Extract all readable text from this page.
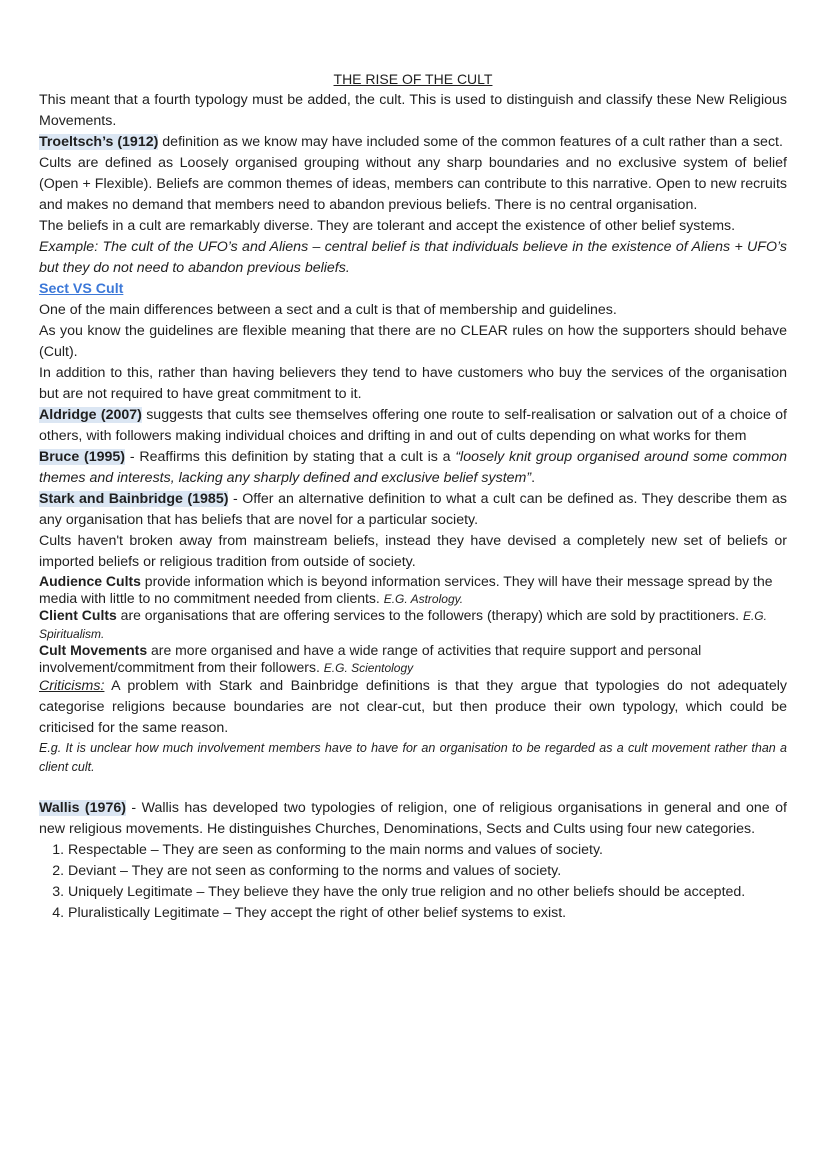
THE RISE OF THE CULT

This meant that a fourth typology must be added, the cult. This is used to distinguish and classify these New Religious Movements.

Troeltsch’s (1912) definition as we know may have included some of the common features of a cult rather than a sect.

Cults are defined as Loosely organised grouping without any sharp boundaries and no exclusive system of belief (Open + Flexible). Beliefs are common themes of ideas, members can contribute to this narrative. Open to new recruits and makes no demand that members need to abandon previous beliefs. There is no central organisation.

The beliefs in a cult are remarkably diverse. They are tolerant and accept the existence of other belief systems.

Example: The cult of the UFO’s and Aliens – central belief is that individuals believe in the existence of Aliens + UFO’s but they do not need to abandon previous beliefs.

Sect VS Cult

One of the main differences between a sect and a cult is that of membership and guidelines.

As you know the guidelines are flexible meaning that there are no CLEAR rules on how the supporters should behave (Cult).

In addition to this, rather than having believers they tend to have customers who buy the services of the organisation but are not required to have great commitment to it.

Aldridge (2007) suggests that cults see themselves offering one route to self-realisation or salvation out of a choice of others, with followers making individual choices and drifting in and out of cults depending on what works for them

Bruce (1995) - Reaffirms this definition by stating that a cult is a “loosely knit group organised around some common themes and interests, lacking any sharply defined and exclusive belief system”.

Stark and Bainbridge (1985) - Offer an alternative definition to what a cult can be defined as. They describe them as any organisation that has beliefs that are novel for a particular society.

Cults haven't broken away from mainstream beliefs, instead they have devised a completely new set of beliefs or imported beliefs or religious tradition from outside of society.

Audience Cults provide information which is beyond information services. They will have their message spread by the media with little to no commitment needed from clients. E.G. Astrology.

Client Cults are organisations that are offering services to the followers (therapy) which are sold by practitioners. E.G. Spiritualism.

Cult Movements are more organised and have a wide range of activities that require support and personal involvement/commitment from their followers. E.G. Scientology

Criticisms: A problem with Stark and Bainbridge definitions is that they argue that typologies do not adequately categorise religions because boundaries are not clear-cut, but then produce their own typology, which could be criticised for the same reason.

E.g. It is unclear how much involvement members have to have for an organisation to be regarded as a cult movement rather than a client cult.

Wallis (1976) - Wallis has developed two typologies of religion, one of religious organisations in general and one of new religious movements. He distinguishes Churches, Denominations, Sects and Cults using four new categories.

1. Respectable – They are seen as conforming to the main norms and values of society.
2. Deviant – They are not seen as conforming to the norms and values of society.
3. Uniquely Legitimate – They believe they have the only true religion and no other beliefs should be accepted.
4. Pluralistically Legitimate – They accept the right of other belief systems to exist.
